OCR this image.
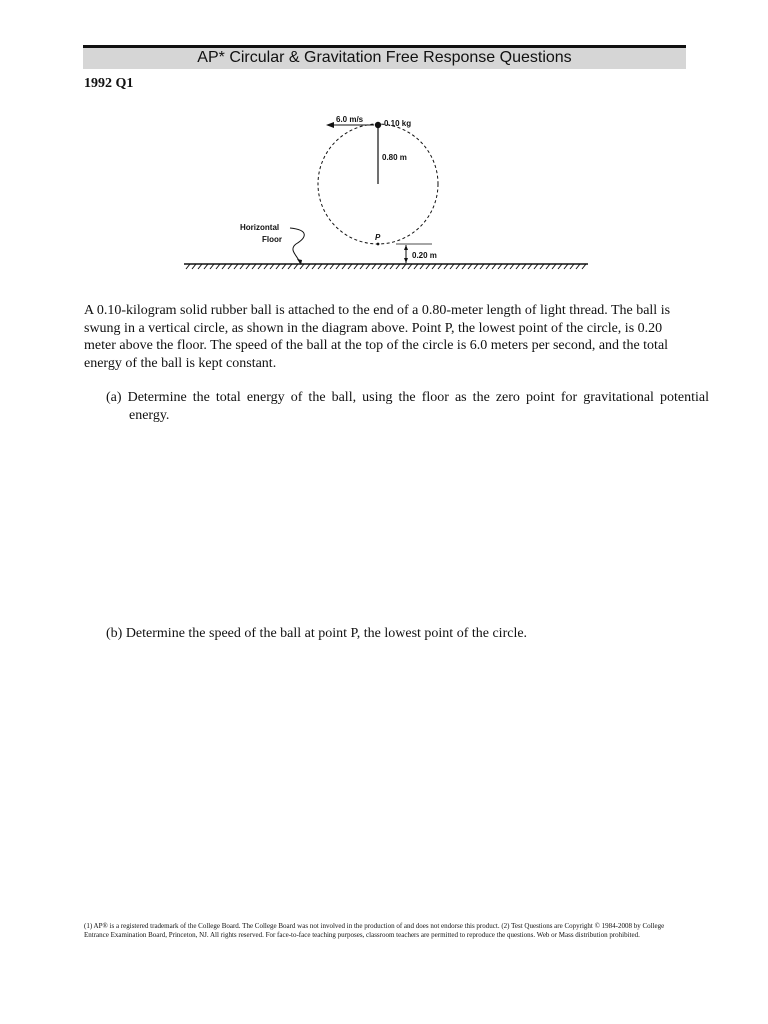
AP* Circular & Gravitation Free Response Questions
1992 Q1
6.0 m/s	0.10 kg
0.80 m
P
0.20 m
Horizontal
Floor
A 0.10-kilogram solid rubber ball is attached to the end of a 0.80-meter length of light thread. The ball is swung in a vertical circle, as shown in the diagram above. Point P, the lowest point of the circle, is 0.20 meter above the floor. The speed of the ball at the top of the circle is 6.0 meters per second, and the total energy of the ball is kept constant.
(a) Determine the total energy of the ball, using the floor as the zero point for gravitational potential energy.
(b) Determine the speed of the ball at point P, the lowest point of the circle.
(1) AP® is a registered trademark of the College Board. The College Board was not involved in the production of and does not endorse this product. (2) Test Questions are Copyright © 1984-2008 by College Entrance Examination Board, Princeton, NJ. All rights reserved. For face-to-face teaching purposes, classroom teachers are permitted to reproduce the questions. Web or Mass distribution prohibited.
